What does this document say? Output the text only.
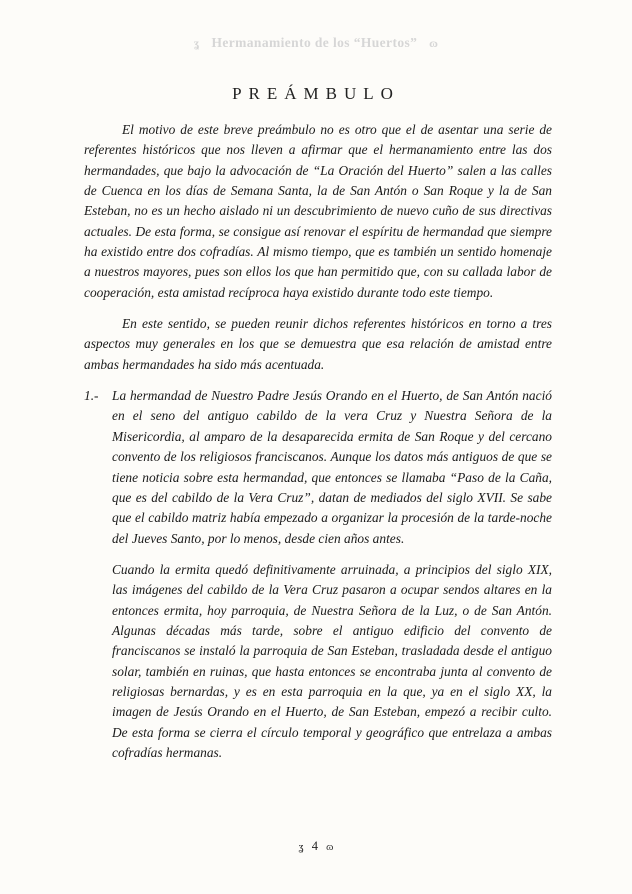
ʓ Hermanamiento de los “Huertos” ɷ
PREÁMBULO

El motivo de este breve preámbulo no es otro que el de asentar una serie de referentes históricos que nos lleven a afirmar que el hermanamiento entre las dos hermandades, que bajo la advocación de “La Oración del Huerto” salen a las calles de Cuenca en los días de Semana Santa, la de San Antón o San Roque y la de San Esteban, no es un hecho aislado ni un descubrimiento de nuevo cuño de sus directivas actuales. De esta forma, se consigue así renovar el espíritu de hermandad que siempre ha existido entre dos cofradías. Al mismo tiempo, que es también un sentido homenaje a nuestros mayores, pues son ellos los que han permitido que, con su callada labor de cooperación, esta amistad recíproca haya existido durante todo este tiempo.

En este sentido, se pueden reunir dichos referentes históricos en torno a tres aspectos muy generales en los que se demuestra que esa relación de amistad entre ambas hermandades ha sido más acentuada.

1.- La hermandad de Nuestro Padre Jesús Orando en el Huerto, de San Antón nació en el seno del antiguo cabildo de la vera Cruz y Nuestra Señora de la Misericordia, al amparo de la desaparecida ermita de San Roque y del cercano convento de los religiosos franciscanos. Aunque los datos más antiguos de que se tiene noticia sobre esta hermandad, que entonces se llamaba “Paso de la Caña, que es del cabildo de la Vera Cruz”, datan de mediados del siglo XVII. Se sabe que el cabildo matriz había empezado a organizar la procesión de la tarde-noche del Jueves Santo, por lo menos, desde cien años antes.

Cuando la ermita quedó definitivamente arruinada, a principios del siglo XIX, las imágenes del cabildo de la Vera Cruz pasaron a ocupar sendos altares en la entonces ermita, hoy parroquia, de Nuestra Señora de la Luz, o de San Antón. Algunas décadas más tarde, sobre el antiguo edificio del convento de franciscanos se instaló la parroquia de San Esteban, trasladada desde el antiguo solar, también en ruinas, que hasta entonces se encontraba junta al convento de religiosas bernardas, y es en esta parroquia en la que, ya en el siglo XX, la imagen de Jesús Orando en el Huerto, de San Esteban, empezó a recibir culto. De esta forma se cierra el círculo temporal y geográfico que entrelaza a ambas cofradías hermanas.

ʓ 4 ɷ
